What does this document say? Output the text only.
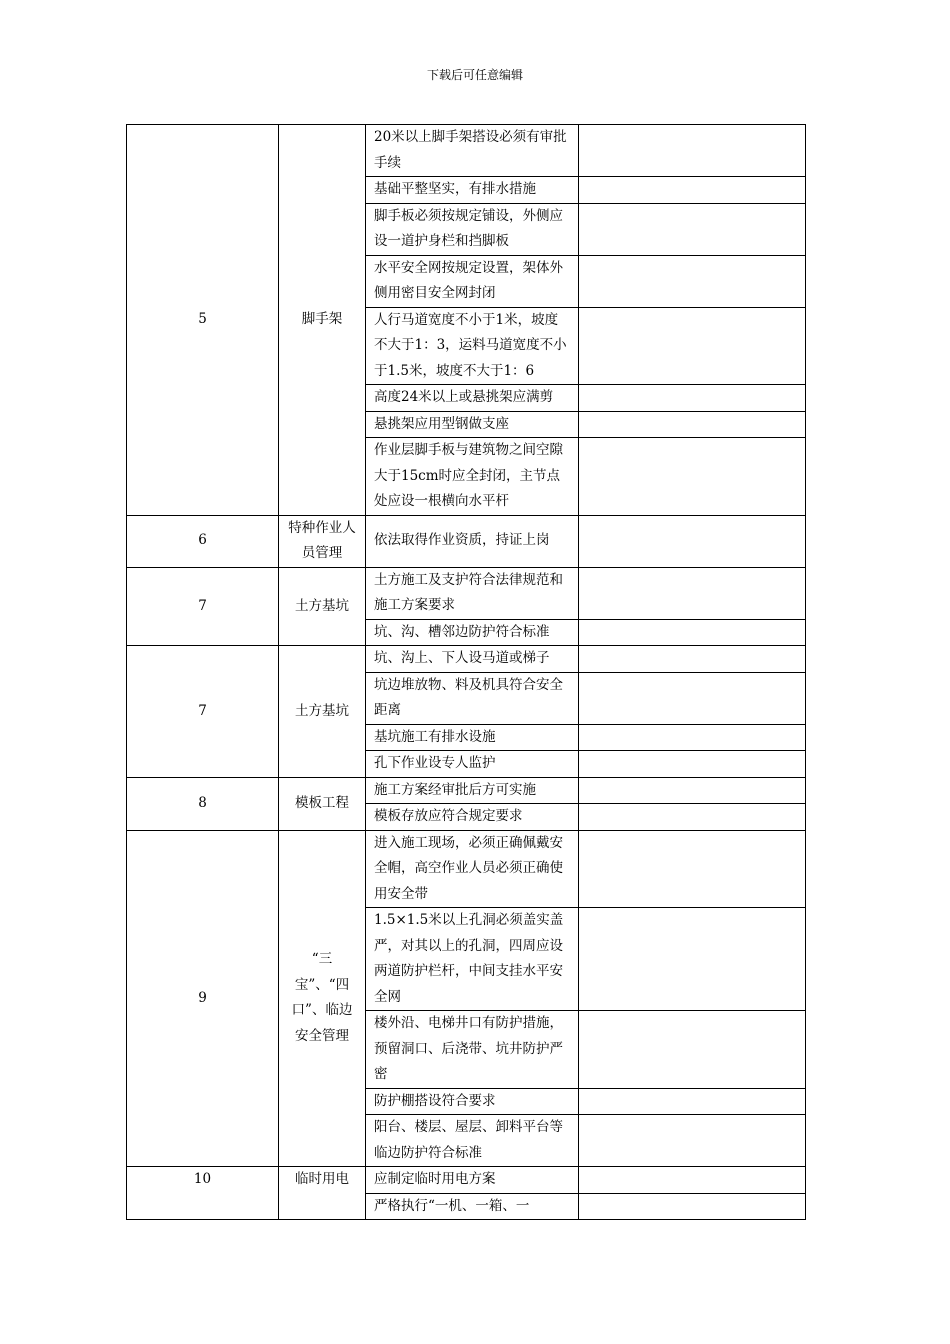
下载后可任意编辑
5	脚手架	20米以上脚手架搭设必须有审批手续	
		基础平整坚实，有排水措施	
		脚手板必须按规定铺设，外侧应设一道护身栏和挡脚板	
		水平安全网按规定设置，架体外侧用密目安全网封闭	
		人行马道宽度不小于1米，坡度不大于1：3，运料马道宽度不小于1.5米，坡度不大于1：6	
		高度24米以上或悬挑架应满剪	
		悬挑架应用型钢做支座	
		作业层脚手板与建筑物之间空隙大于15cm时应全封闭，主节点处应设一根横向水平杆	
6	特种作业人员管理	依法取得作业资质，持证上岗	
7	土方基坑	土方施工及支护符合法律规范和施工方案要求	
		坑、沟、槽邻边防护符合标准	
7	土方基坑	坑、沟上、下人设马道或梯子	
		坑边堆放物、料及机具符合安全距离	
		基坑施工有排水设施	
		孔下作业设专人监护	
8	模板工程	施工方案经审批后方可实施	
		模板存放应符合规定要求	
9	“三宝”、“四口”、临边安全管理	进入施工现场，必须正确佩戴安全帽，高空作业人员必须正确使用安全带	
		1.5×1.5米以上孔洞必须盖实盖严，对其以上的孔洞，四周应设两道防护栏杆，中间支挂水平安全网	
		楼外沿、电梯井口有防护措施，预留洞口、后浇带、坑井防护严密	
		防护棚搭设符合要求	
		阳台、楼层、屋层、卸料平台等临边防护符合标准	
10	临时用电	应制定临时用电方案	
		严格执行“一机、一箱、一	
